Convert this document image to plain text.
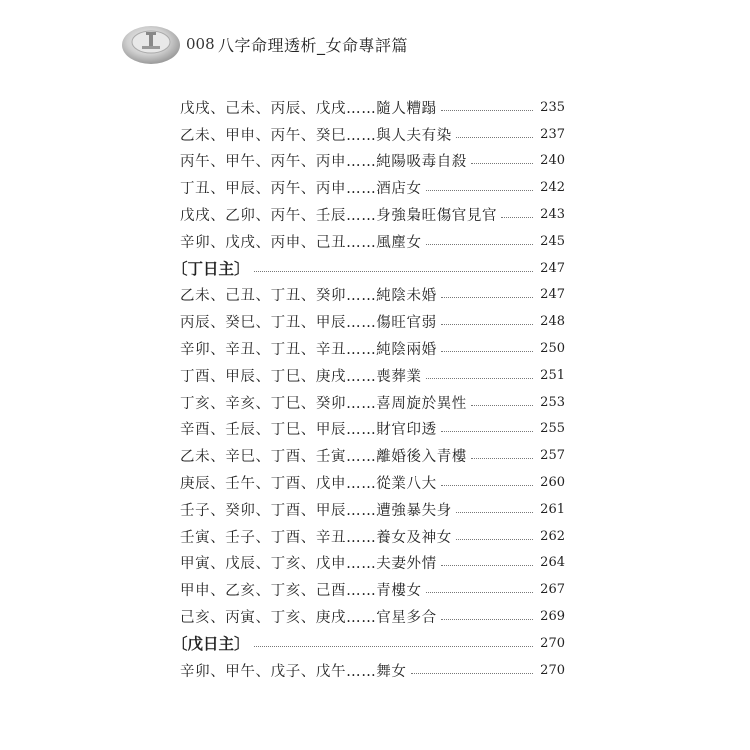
008 八字命理透析_女命專評篇
戊戌、己未、丙辰、戊戌……隨人糟蹋	235
乙未、甲申、丙午、癸巳……與人夫有染	237
丙午、甲午、丙午、丙申……純陽吸毒自殺	240
丁丑、甲辰、丙午、丙申……酒店女	242
戊戌、乙卯、丙午、壬辰……身強梟旺傷官見官	243
辛卯、戊戌、丙申、己丑……風塵女	245
〔丁日主〕	247
乙未、己丑、丁丑、癸卯……純陰未婚	247
丙辰、癸巳、丁丑、甲辰……傷旺官弱	248
辛卯、辛丑、丁丑、辛丑……純陰兩婚	250
丁酉、甲辰、丁巳、庚戌……喪葬業	251
丁亥、辛亥、丁巳、癸卯……喜周旋於異性	253
辛酉、壬辰、丁巳、甲辰……財官印透	255
乙未、辛巳、丁酉、壬寅……離婚後入青樓	257
庚辰、壬午、丁酉、戊申……從業八大	260
壬子、癸卯、丁酉、甲辰……遭強暴失身	261
壬寅、壬子、丁酉、辛丑……養女及神女	262
甲寅、戊辰、丁亥、戊申……夫妻外情	264
甲申、乙亥、丁亥、己酉……青樓女	267
己亥、丙寅、丁亥、庚戌……官星多合	269
〔戊日主〕	270
辛卯、甲午、戊子、戊午……舞女	270
